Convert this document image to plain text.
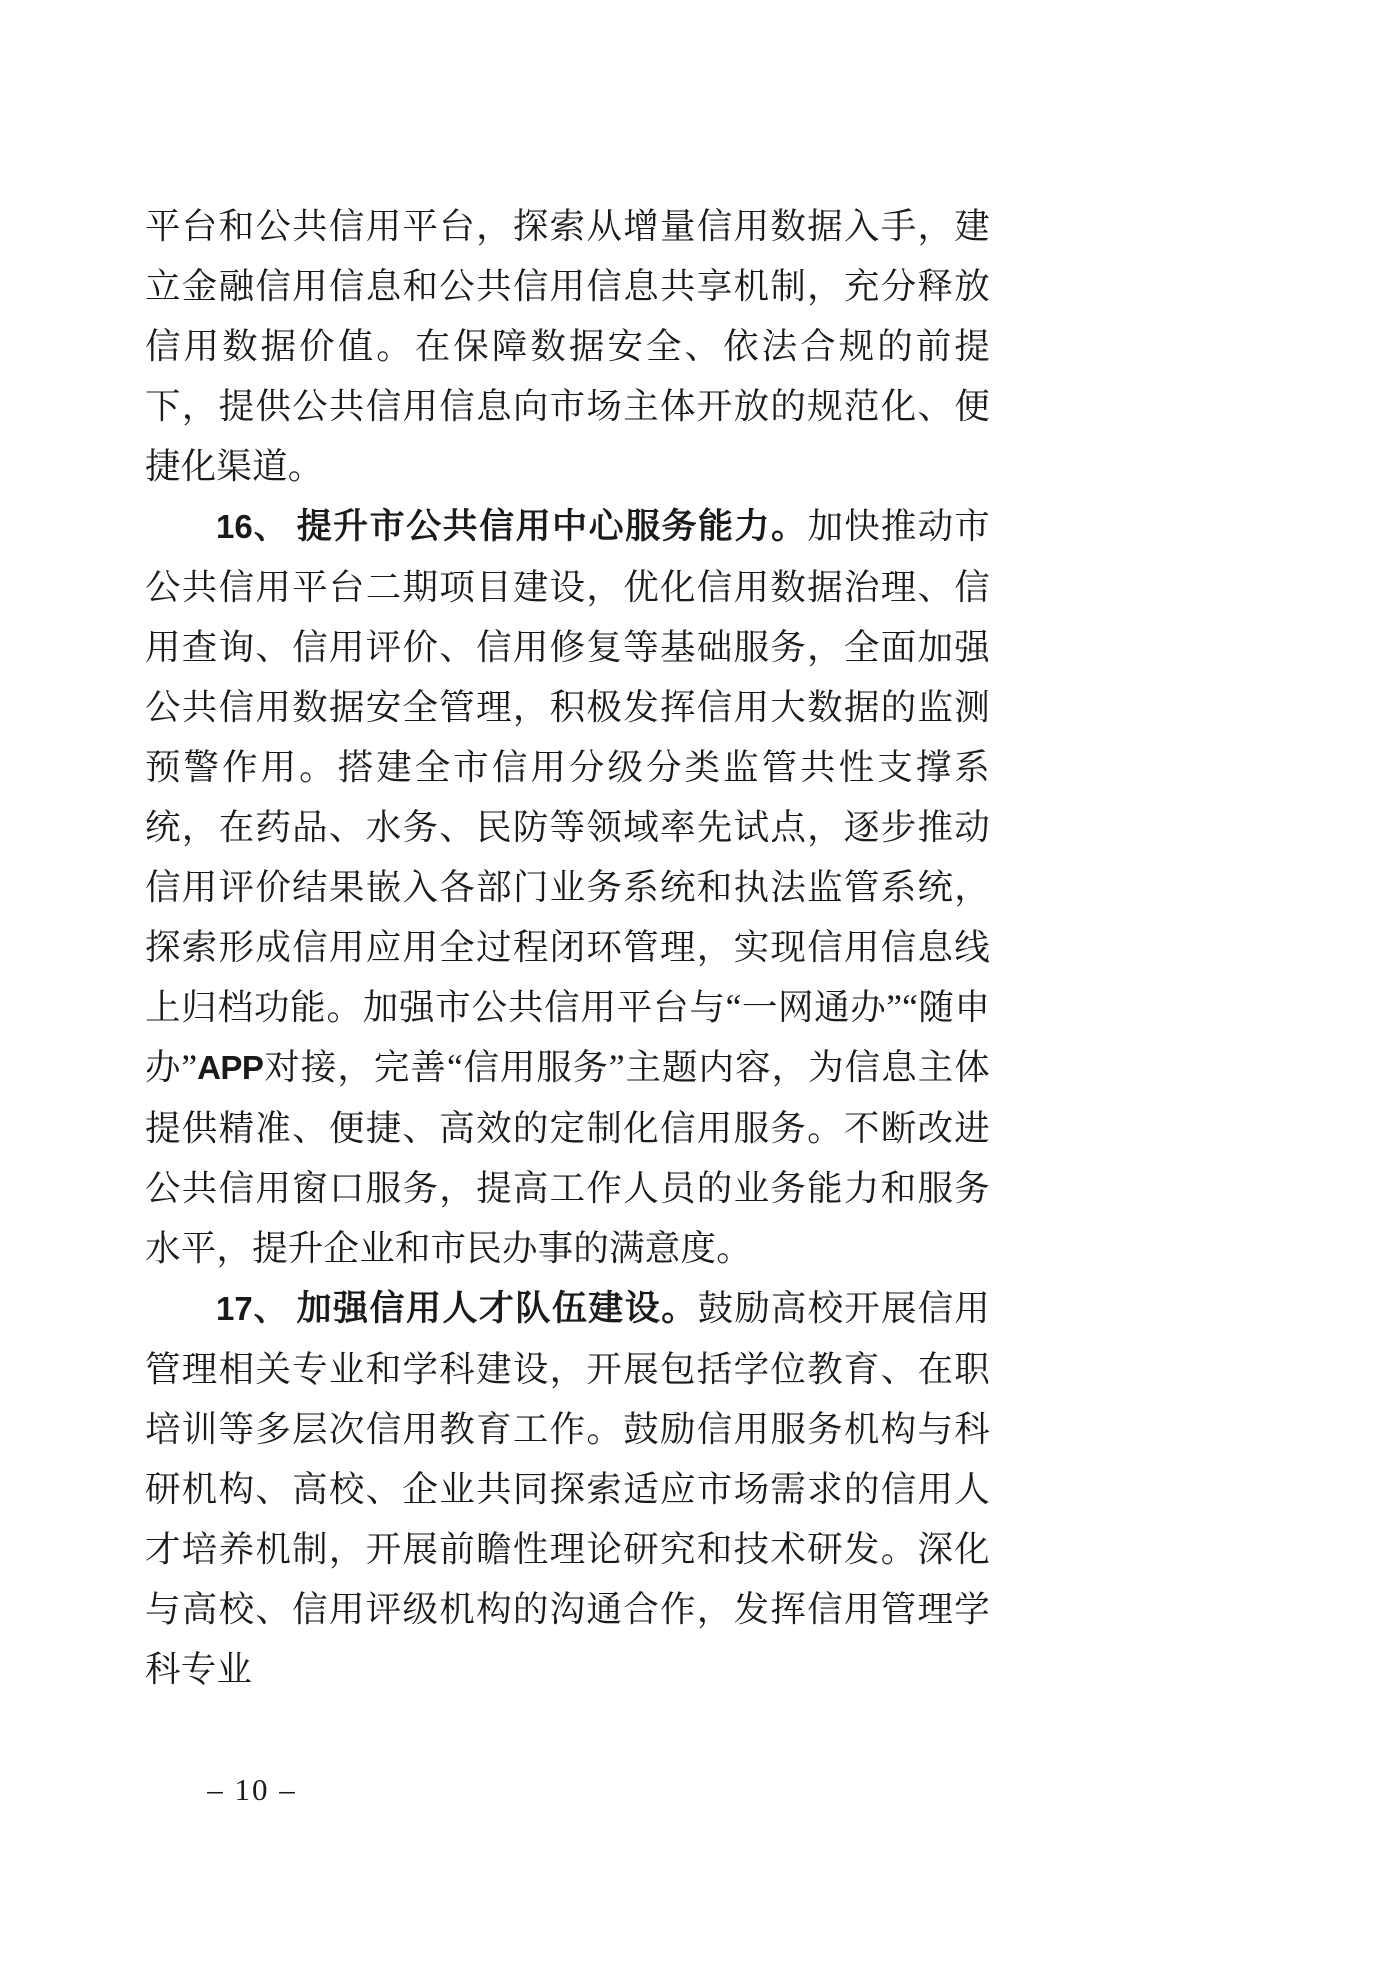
平台和公共信用平台，探索从增量信用数据入手，建立金融信用信息和公共信用信息共享机制，充分释放信用数据价值。在保障数据安全、依法合规的前提下，提供公共信用信息向市场主体开放的规范化、便捷化渠道。

16、 提升市公共信用中心服务能力。加快推动市公共信用平台二期项目建设，优化信用数据治理、信用查询、信用评价、信用修复等基础服务，全面加强公共信用数据安全管理，积极发挥信用大数据的监测预警作用。搭建全市信用分级分类监管共性支撑系统，在药品、水务、民防等领域率先试点，逐步推动信用评价结果嵌入各部门业务系统和执法监管系统，探索形成信用应用全过程闭环管理，实现信用信息线上归档功能。加强市公共信用平台与“一网通办”“随申办”APP对接，完善“信用服务”主题内容，为信息主体提供精准、便捷、高效的定制化信用服务。不断改进公共信用窗口服务，提高工作人员的业务能力和服务水平，提升企业和市民办事的满意度。

17、 加强信用人才队伍建设。鼓励高校开展信用管理相关专业和学科建设，开展包括学位教育、在职培训等多层次信用教育工作。鼓励信用服务机构与科研机构、高校、企业共同探索适应市场需求的信用人才培养机制，开展前瞻性理论研究和技术研发。深化与高校、信用评级机构的沟通合作，发挥信用管理学科专业

– 10 –
